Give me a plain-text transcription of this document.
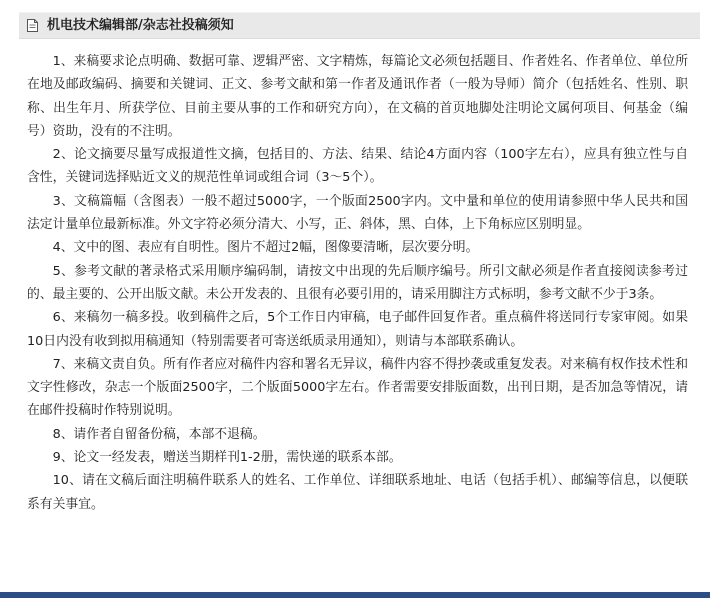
机电技术编辑部/杂志社投稿须知

1、来稿要求论点明确、数据可靠、逻辑严密、文字精炼，每篇论文必须包括题目、作者姓名、作者单位、单位所在地及邮政编码、摘要和关键词、正文、参考文献和第一作者及通讯作者（一般为导师）简介（包括姓名、性别、职称、出生年月、所获学位、目前主要从事的工作和研究方向），在文稿的首页地脚处注明论文属何项目、何基金（编号）资助，没有的不注明。

2、论文摘要尽量写成报道性文摘，包括目的、方法、结果、结论4方面内容（100字左右），应具有独立性与自含性，关键词选择贴近文义的规范性单词或组合词（3～5个）。

3、文稿篇幅（含图表）一般不超过5000字，一个版面2500字内。文中量和单位的使用请参照中华人民共和国法定计量单位最新标准。外文字符必须分清大、小写，正、斜体，黑、白体，上下角标应区别明显。

4、文中的图、表应有自明性。图片不超过2幅，图像要清晰，层次要分明。

5、参考文献的著录格式采用顺序编码制，请按文中出现的先后顺序编号。所引文献必须是作者直接阅读参考过的、最主要的、公开出版文献。未公开发表的、且很有必要引用的，请采用脚注方式标明，参考文献不少于3条。

6、来稿勿一稿多投。收到稿件之后，5个工作日内审稿，电子邮件回复作者。重点稿件将送同行专家审阅。如果10日内没有收到拟用稿通知（特别需要者可寄送纸质录用通知），则请与本部联系确认。

7、来稿文责自负。所有作者应对稿件内容和署名无异议，稿件内容不得抄袭或重复发表。对来稿有权作技术性和文字性修改，杂志一个版面2500字，二个版面5000字左右。作者需要安排版面数，出刊日期，是否加急等情况，请在邮件投稿时作特别说明。

8、请作者自留备份稿，本部不退稿。

9、论文一经发表，赠送当期样刊1-2册，需快递的联系本部。

10、请在文稿后面注明稿件联系人的姓名、工作单位、详细联系地址、电话（包括手机）、邮编等信息，以便联系有关事宜。
